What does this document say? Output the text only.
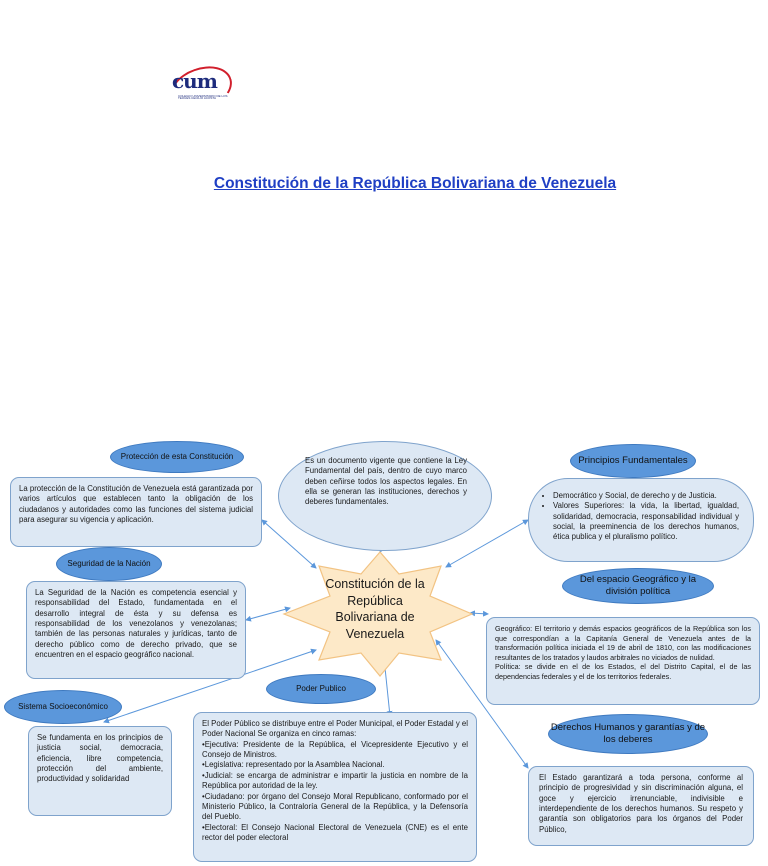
cum
COLEGIO UNIVERSITARIO DE LOS TEQUES CECILIO ACOSTA
Constitución de la República Bolivariana de Venezuela
Constitución de la
República
Bolivariana de
Venezuela
Es un documento vigente que contiene la Ley Fundamental del país, dentro de cuyo marco deben ceñirse todos los aspectos legales. En ella se generan las instituciones, derechos y deberes fundamentales.
La protección de la Constitución de Venezuela está garantizada por varios artículos que establecen tanto la obligación de los ciudadanos y autoridades como las funciones del sistema judicial para asegurar su vigencia y aplicación.
Protección de esta Constitución
La Seguridad de la Nación es competencia esencial y responsabilidad del Estado, fundamentada en el desarrollo integral de ésta y su defensa es responsabilidad de los venezolanos y venezolanas; también de las personas naturales y jurídicas, tanto de derecho público como de derecho privado, que se encuentren en el espacio geográfico nacional.
Seguridad de la Nación
Se fundamenta en los principios de justicia social, democracia, eficiencia, libre competencia, protección del ambiente, productividad y solidaridad
Sistema Socioeconómico
El Poder Público se distribuye entre el Poder Municipal, el Poder Estadal y el Poder Nacional Se organiza en cinco ramas:
•Ejecutiva: Presidente de la República, el Vicepresidente Ejecutivo y el Consejo de Ministros.
•Legislativa: representado por la Asamblea Nacional.
•Judicial: se encarga de administrar e impartir la justicia en nombre de la República por autoridad de la ley.
•Ciudadano: por órgano del Consejo Moral Republicano, conformado por el Ministerio Público, la Contraloría General de la República, y la Defensoría del Pueblo.
•Electoral: El Consejo Nacional Electoral de Venezuela (CNE) es el ente rector del poder electoral
Poder Publico
• Democrático y Social, de derecho y de Justicia.
• Valores Superiores: la vida, la libertad, igualdad, solidaridad, democracia, responsabilidad individual y social, la preeminencia de los derechos humanos, ética publica y el pluralismo político.
Principios Fundamentales
Geográfico: El territorio y demás espacios geográficos de la República son los que correspondían a la Capitanía General de Venezuela antes de la transformación política iniciada el 19 de abril de 1810, con las modificaciones resultantes de los tratados y laudos arbitrales no viciados de nulidad.
Política: se divide en el de los Estados, el del Distrito Capital, el de las dependencias federales y el de los territorios federales.
Del espacio Geográfico y la división política
El Estado garantizará a toda persona, conforme al principio de progresividad y sin discriminación alguna, el goce y ejercicio irrenunciable, indivisible e interdependiente de los derechos humanos. Su respeto y garantía son obligatorios para los órganos del Poder Público,
Derechos Humanos y garantías y de los deberes
